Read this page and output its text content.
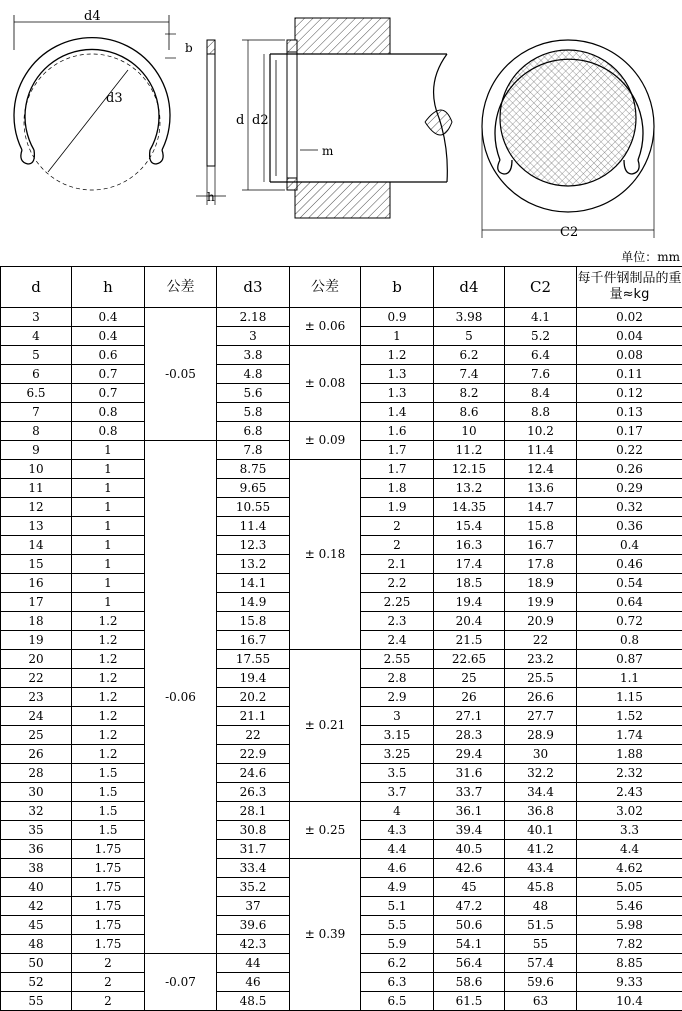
d4
d3
b
h
d d2
m
C2
单位：mm
d	h	公差	d3	公差	b	d4	C2	每千件钢制品的重量≈kg
3	0.4	-0.05	2.18	± 0.06	0.9	3.98	4.1	0.02
4	0.4		3		1	5	5.2	0.04
5	0.6		3.8	± 0.08	1.2	6.2	6.4	0.08
6	0.7		4.8		1.3	7.4	7.6	0.11
6.5	0.7		5.6		1.3	8.2	8.4	0.12
7	0.8		5.8		1.4	8.6	8.8	0.13
8	0.8		6.8	± 0.09	1.6	10	10.2	0.17
9	1	-0.06	7.8		1.7	11.2	11.4	0.22
10	1		8.75	± 0.18	1.7	12.15	12.4	0.26
11	1		9.65		1.8	13.2	13.6	0.29
12	1		10.55		1.9	14.35	14.7	0.32
13	1		11.4		2	15.4	15.8	0.36
14	1		12.3		2	16.3	16.7	0.4
15	1		13.2		2.1	17.4	17.8	0.46
16	1		14.1		2.2	18.5	18.9	0.54
17	1		14.9		2.25	19.4	19.9	0.64
18	1.2		15.8		2.3	20.4	20.9	0.72
19	1.2		16.7		2.4	21.5	22	0.8
20	1.2		17.55	± 0.21	2.55	22.65	23.2	0.87
22	1.2		19.4		2.8	25	25.5	1.1
23	1.2		20.2		2.9	26	26.6	1.15
24	1.2		21.1		3	27.1	27.7	1.52
25	1.2		22		3.15	28.3	28.9	1.74
26	1.2		22.9		3.25	29.4	30	1.88
28	1.5		24.6		3.5	31.6	32.2	2.32
30	1.5		26.3		3.7	33.7	34.4	2.43
32	1.5		28.1	± 0.25	4	36.1	36.8	3.02
35	1.5		30.8		4.3	39.4	40.1	3.3
36	1.75		31.7		4.4	40.5	41.2	4.4
38	1.75		33.4	± 0.39	4.6	42.6	43.4	4.62
40	1.75		35.2		4.9	45	45.8	5.05
42	1.75		37		5.1	47.2	48	5.46
45	1.75		39.6		5.5	50.6	51.5	5.98
48	1.75		42.3		5.9	54.1	55	7.82
50	2	-0.07	44		6.2	56.4	57.4	8.85
52	2		46		6.3	58.6	59.6	9.33
55	2		48.5		6.5	61.5	63	10.4
